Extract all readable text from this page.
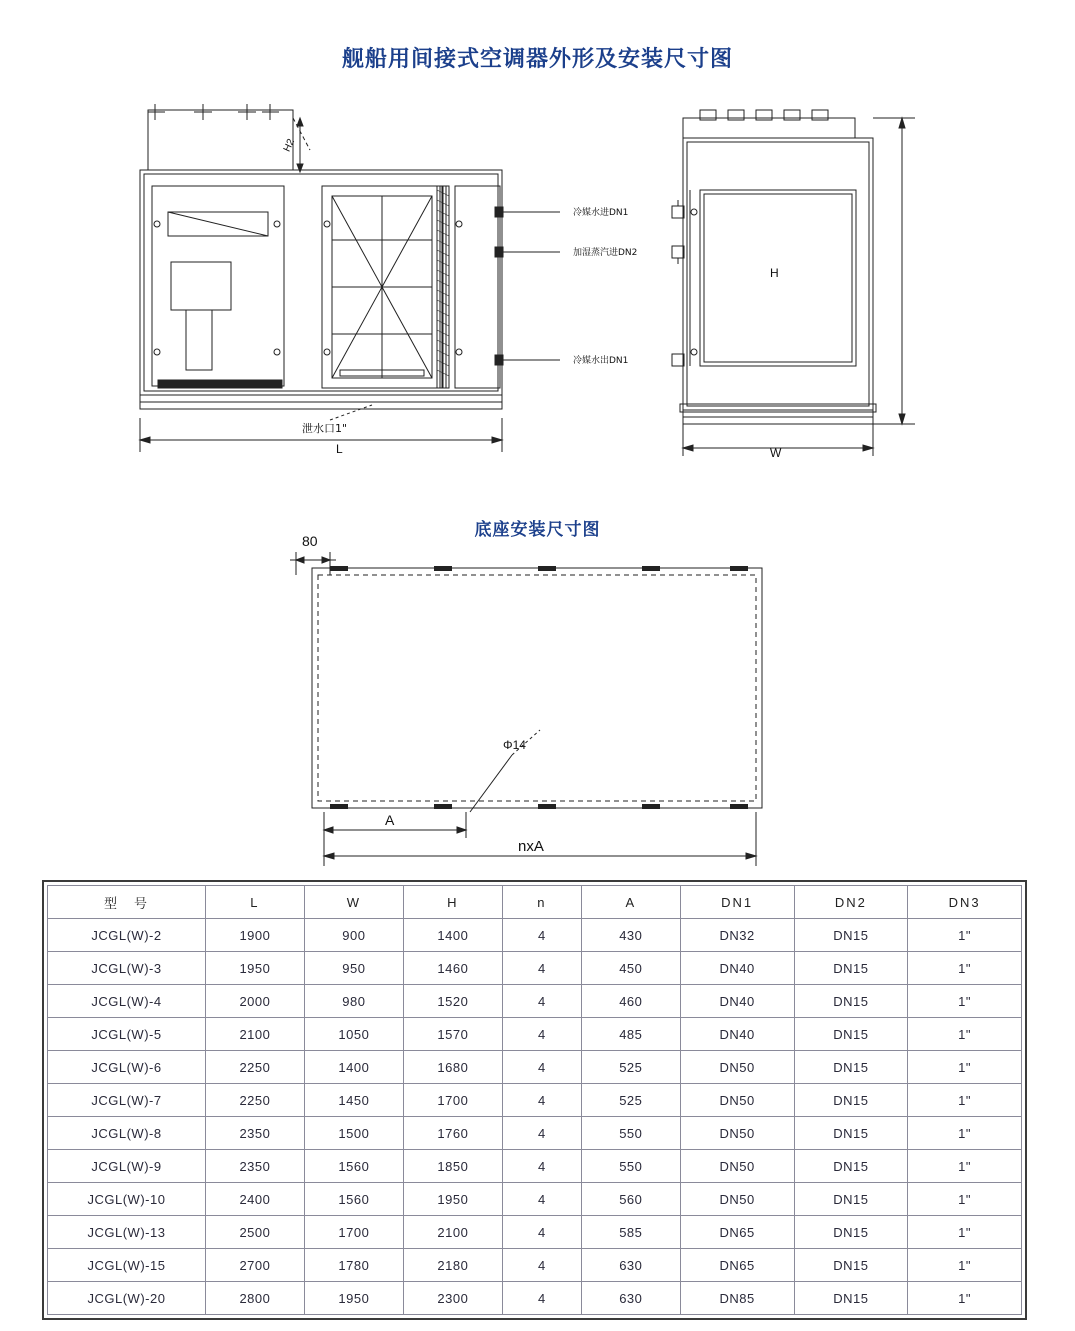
舰船用间接式空调器外形及安装尺寸图
底座安装尺寸图
冷媒水进DN1
加湿蒸汽进DN2
冷媒水出DN1
泄水口1"
L
H
W
H2
80
Φ14
A
nxA
型　号	L	W	H	n	A	DN1	DN2	DN3
JCGL(W)-2	1900	900	1400	4	430	DN32	DN15	1"
JCGL(W)-3	1950	950	1460	4	450	DN40	DN15	1"
JCGL(W)-4	2000	980	1520	4	460	DN40	DN15	1"
JCGL(W)-5	2100	1050	1570	4	485	DN40	DN15	1"
JCGL(W)-6	2250	1400	1680	4	525	DN50	DN15	1"
JCGL(W)-7	2250	1450	1700	4	525	DN50	DN15	1"
JCGL(W)-8	2350	1500	1760	4	550	DN50	DN15	1"
JCGL(W)-9	2350	1560	1850	4	550	DN50	DN15	1"
JCGL(W)-10	2400	1560	1950	4	560	DN50	DN15	1"
JCGL(W)-13	2500	1700	2100	4	585	DN65	DN15	1"
JCGL(W)-15	2700	1780	2180	4	630	DN65	DN15	1"
JCGL(W)-20	2800	1950	2300	4	630	DN85	DN15	1"
